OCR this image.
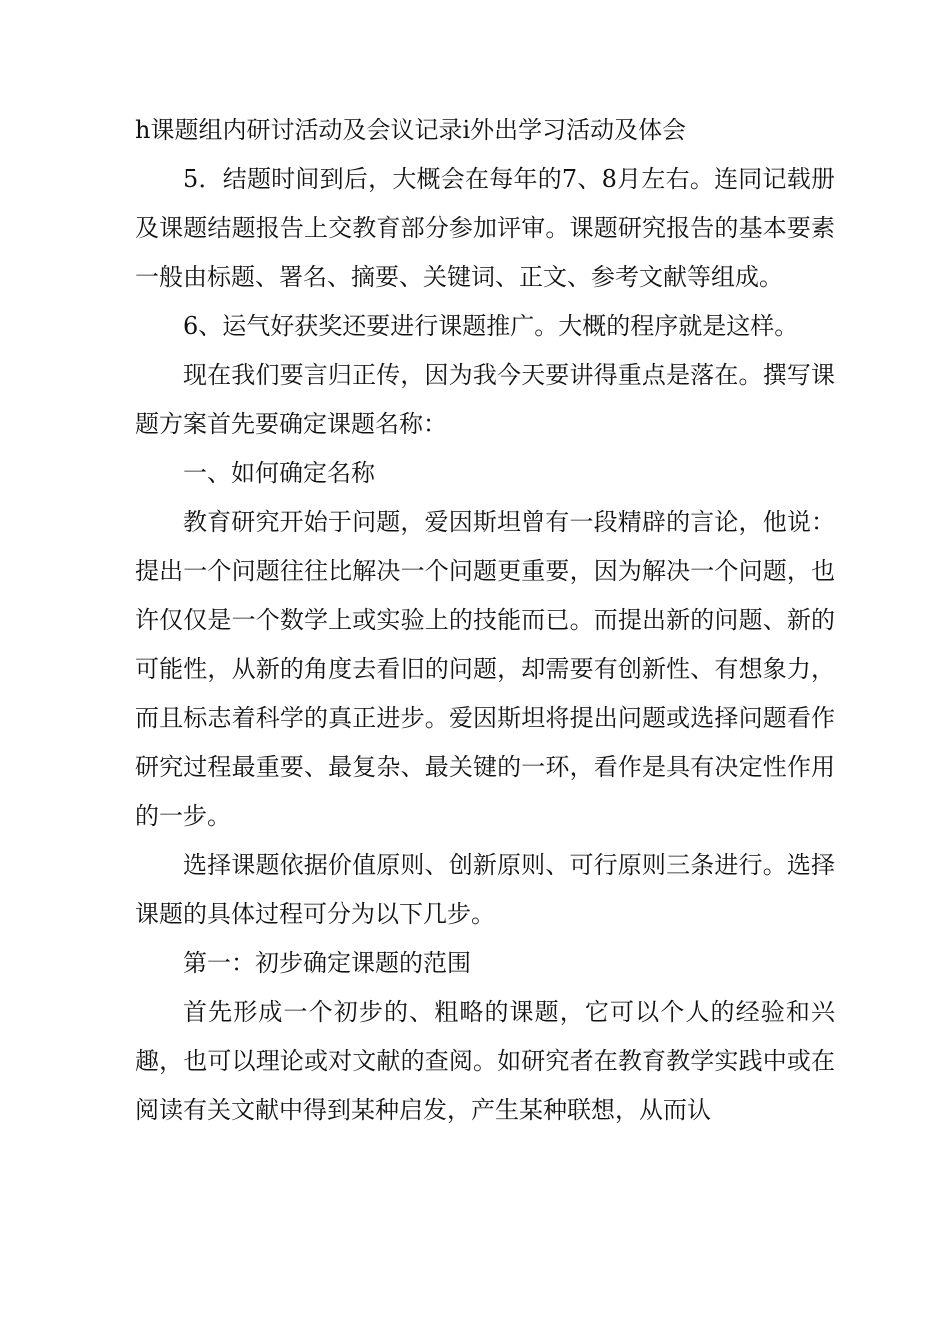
h课题组内研讨活动及会议记录i外出学习活动及体会

5．结题时间到后，大概会在每年的7、8月左右。连同记载册及课题结题报告上交教育部分参加评审。课题研究报告的基本要素一般由标题、署名、摘要、关键词、正文、参考文献等组成。

6、运气好获奖还要进行课题推广。大概的程序就是这样。

现在我们要言归正传，因为我今天要讲得重点是落在。撰写课题方案首先要确定课题名称：

一、如何确定名称

教育研究开始于问题，爱因斯坦曾有一段精辟的言论，他说：提出一个问题往往比解决一个问题更重要，因为解决一个问题，也许仅仅是一个数学上或实验上的技能而已。而提出新的问题、新的可能性，从新的角度去看旧的问题，却需要有创新性、有想象力，而且标志着科学的真正进步。爱因斯坦将提出问题或选择问题看作研究过程最重要、最复杂、最关键的一环，看作是具有决定性作用的一步。

选择课题依据价值原则、创新原则、可行原则三条进行。选择课题的具体过程可分为以下几步。

第一：初步确定课题的范围

首先形成一个初步的、粗略的课题，它可以个人的经验和兴趣，也可以理论或对文献的查阅。如研究者在教育教学实践中或在阅读有关文献中得到某种启发，产生某种联想，从而认
